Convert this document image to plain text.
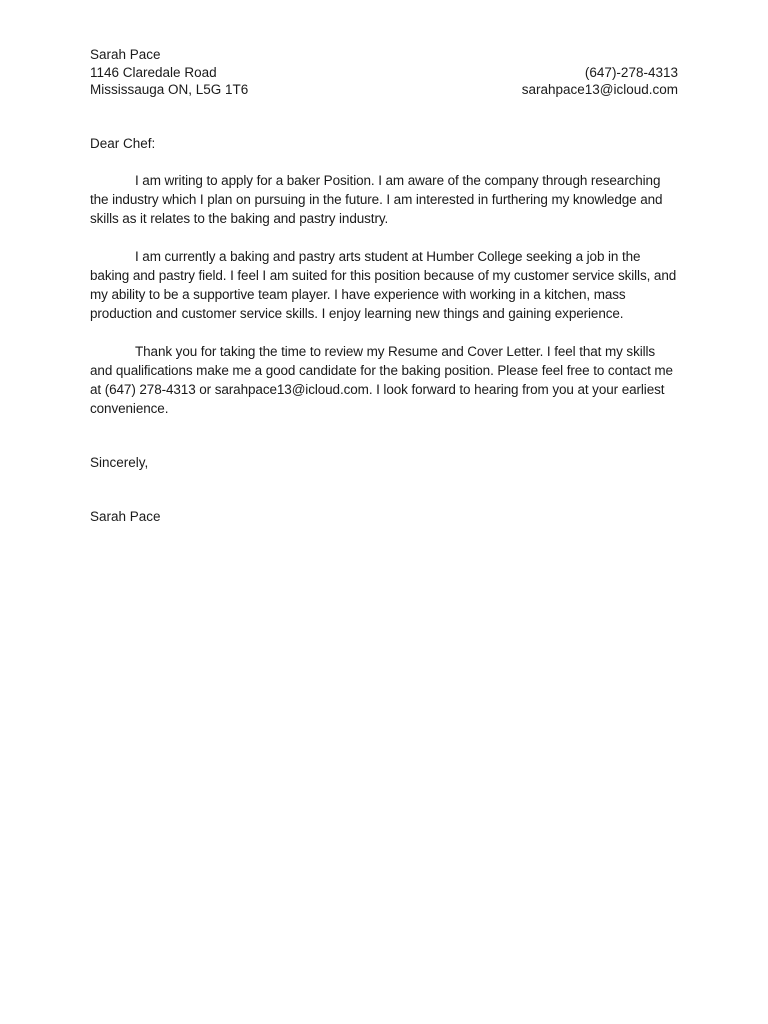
Sarah Pace
1146 Claredale Road	(647)-278-4313
Mississauga ON, L5G 1T6	sarahpace13@icloud.com

Dear Chef:

I am writing to apply for a baker Position. I am aware of the company through researching the industry which I plan on pursuing in the future. I am interested in furthering my knowledge and skills as it relates to the baking and pastry industry.

I am currently a baking and pastry arts student at Humber College seeking a job in the baking and pastry field. I feel I am suited for this position because of my customer service skills, and my ability to be a supportive team player. I have experience with working in a kitchen, mass production and customer service skills. I enjoy learning new things and gaining experience.

Thank you for taking the time to review my Resume and Cover Letter. I feel that my skills and qualifications make me a good candidate for the baking position. Please feel free to contact me at (647) 278-4313 or sarahpace13@icloud.com. I look forward to hearing from you at your earliest convenience.

Sincerely,

Sarah Pace
